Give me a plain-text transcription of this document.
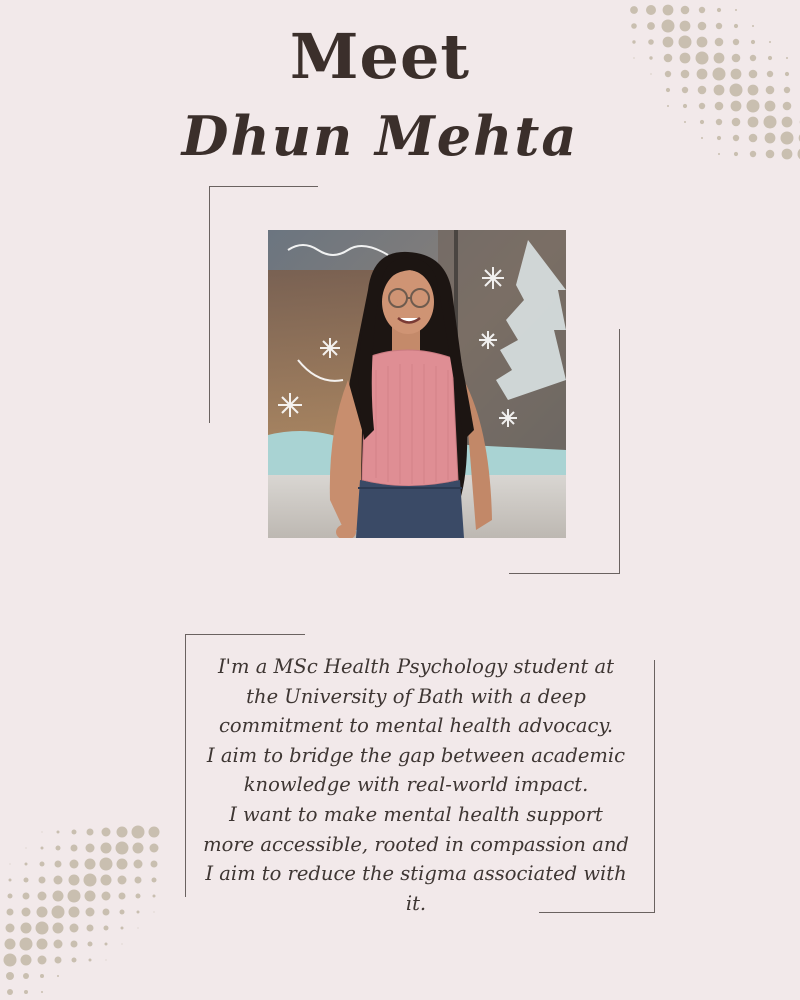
Meet
Dhun Mehta

I'm a MSc Health Psychology student at
the University of Bath with a deep
commitment to mental health advocacy.
I aim to bridge the gap between academic
knowledge with real-world impact.
I want to make mental health support
more accessible, rooted in compassion and
I aim to reduce the stigma associated with
it.
